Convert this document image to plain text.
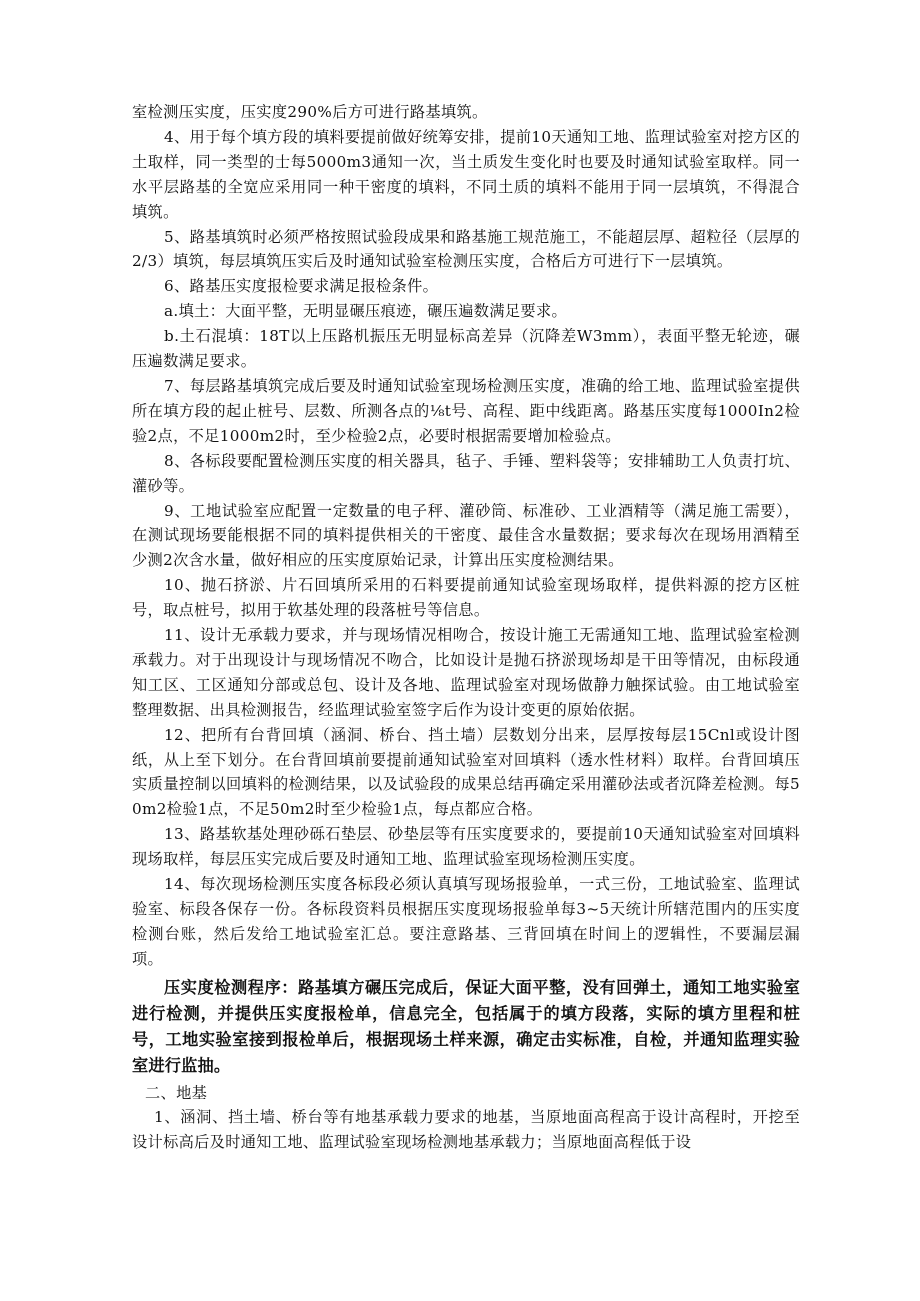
室检测压实度，压实度290%后方可进行路基填筑。

4、用于每个填方段的填料要提前做好统筹安排，提前10天通知工地、监理试验室对挖方区的土取样，同一类型的士每5000m3通知一次，当土质发生变化时也要及时通知试验室取样。同一水平层路基的全宽应采用同一种干密度的填料，不同土质的填料不能用于同一层填筑，不得混合填筑。

5、路基填筑时必须严格按照试验段成果和路基施工规范施工，不能超层厚、超粒径（层厚的2/3）填筑，每层填筑压实后及时通知试验室检测压实度，合格后方可进行下一层填筑。

6、路基压实度报检要求满足报检条件。

a.填土：大面平整，无明显碾压痕迹，碾压遍数满足要求。

b.土石混填：18T以上压路机振压无明显标高差异（沉降差W3mm），表面平整无轮迹，碾压遍数满足要求。

7、每层路基填筑完成后要及时通知试验室现场检测压实度，准确的给工地、监理试验室提供所在填方段的起止桩号、层数、所测各点的⅛t号、高程、距中线距离。路基压实度每1000In2检验2点，不足1000m2时，至少检验2点，必要时根据需要增加检验点。

8、各标段要配置检测压实度的相关器具，毡子、手锤、塑料袋等；安排辅助工人负责打坑、灌砂等。

9、工地试验室应配置一定数量的电子秤、灌砂筒、标准砂、工业酒精等（满足施工需要），在测试现场要能根据不同的填料提供相关的干密度、最佳含水量数据；要求每次在现场用酒精至少测2次含水量，做好相应的压实度原始记录，计算出压实度检测结果。

10、抛石挤淤、片石回填所采用的石料要提前通知试验室现场取样，提供料源的挖方区桩号，取点桩号，拟用于软基处理的段落桩号等信息。

11、设计无承载力要求，并与现场情况相吻合，按设计施工无需通知工地、监理试验室检测承载力。对于出现设计与现场情况不吻合，比如设计是抛石挤淤现场却是干田等情况，由标段通知工区、工区通知分部或总包、设计及各地、监理试验室对现场做静力触探试验。由工地试验室整理数据、出具检测报告，经监理试验室签字后作为设计变更的原始依据。

12、把所有台背回填（涵洞、桥台、挡土墙）层数划分出来，层厚按每层15Cnl或设计图纸，从上至下划分。在台背回填前要提前通知试验室对回填料（透水性材料）取样。台背回填压实质量控制以回填料的检测结果，以及试验段的成果总结再确定采用灌砂法或者沉降差检测。每50m2检验1点，不足50m2时至少检验1点，每点都应合格。

13、路基软基处理砂砾石垫层、砂垫层等有压实度要求的，要提前10天通知试验室对回填料现场取样，每层压实完成后要及时通知工地、监理试验室现场检测压实度。

14、每次现场检测压实度各标段必须认真填写现场报验单，一式三份，工地试验室、监理试验室、标段各保存一份。各标段资料员根据压实度现场报验单每3~5天统计所辖范围内的压实度检测台账，然后发给工地试验室汇总。要注意路基、三背回填在时间上的逻辑性，不要漏层漏项。

压实度检测程序：路基填方碾压完成后，保证大面平整，没有回弹土，通知工地实验室进行检测，并提供压实度报检单，信息完全，包括属于的填方段落，实际的填方里程和桩号，工地实验室接到报检单后，根据现场土样来源，确定击实标准，自检，并通知监理实验室进行监抽。

二、地基

1、涵洞、挡土墙、桥台等有地基承载力要求的地基，当原地面高程高于设计高程时，开挖至设计标高后及时通知工地、监理试验室现场检测地基承载力；当原地面高程低于设
